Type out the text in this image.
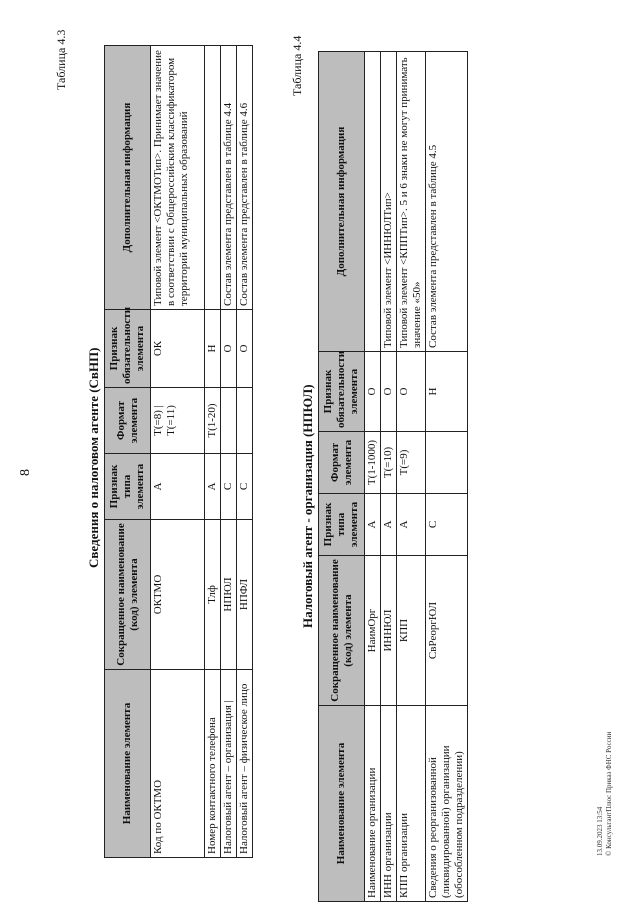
8
Таблица 4.3
Сведения о налоговом агенте (СвНП)
Наименование элемента	Сокращенное наименование (код) элемента	Признак типа элемента	Формат элемента	Признак обязательности элемента	Дополнительная информация
Код по ОКТМО	ОКТМО	А	T(=8) | T(=11)	ОК	Типовой элемент <ОКТМОТип>. Принимает значение в соответствии с Общероссийским классификатором территорий муниципальных образований
Номер контактного телефона	Тлф	А	T(1-20)	Н	
Налоговый агент – организация |	НПЮЛ	С		О	Состав элемента представлен в таблице 4.4
Налоговый агент – физическое лицо	НПФЛ	С		О	Состав элемента представлен в таблице 4.6
Таблица 4.4
Налоговый агент - организация (НПЮЛ)
Наименование элемента	Сокращенное наименование (код) элемента	Признак типа элемента	Формат элемента	Признак обязательности элемента	Дополнительная информация
Наименование организации	НаимОрг	А	T(1-1000)	О	
ИНН организации	ИННЮЛ	А	T(=10)	О	Типовой элемент <ИННЮЛТип>
КПП организации	КПП	А	T(=9)	О	Типовой элемент <КППТип>. 5 и 6 знаки не могут принимать значение «50»
Сведения о реорганизованной (ликвидированной) организации (обособленном подразделении)	СвРеоргЮЛ	С		Н	Состав элемента представлен в таблице 4.5
13.09.2023 13:54 © КонсультантПлюс Приказ ФНС России
